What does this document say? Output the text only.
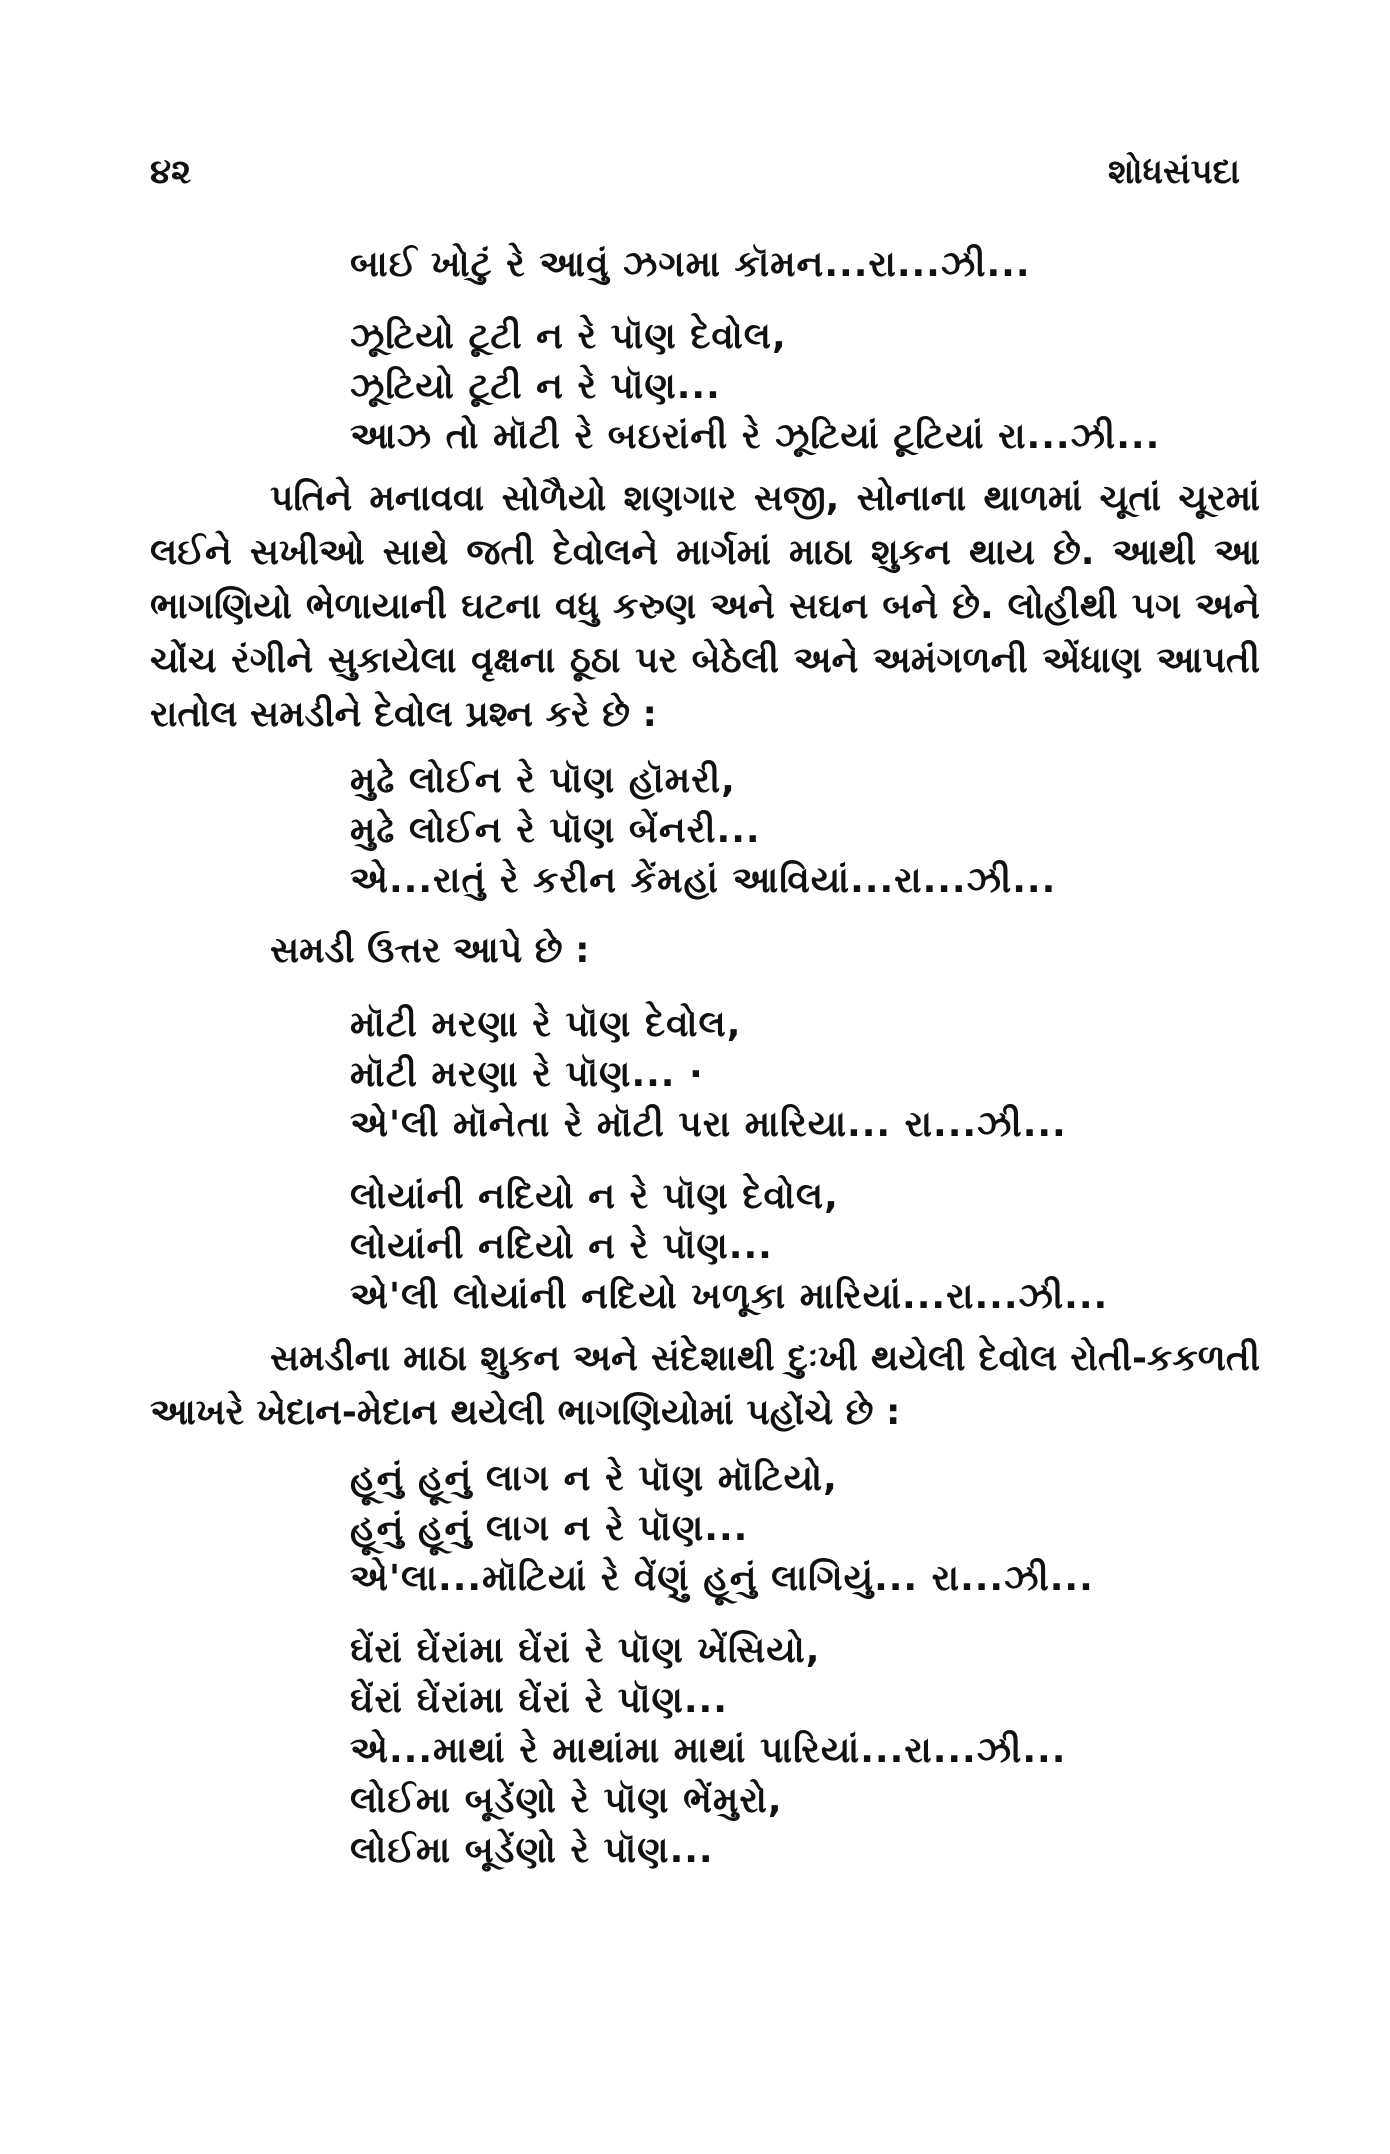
૪૨	શોધસંપદા
બાઈ ખોટું રે આવું ઝગમા કૉમન...રા...ઝી...
ઝૂટિયો ટૂટી ન રે પૉણ દેવોલ,
ઝૂટિયો ટૂટી ન રે પૉણ...
આઝ તો મૉટી રે બઇરાંની રે ઝૂટિયાં ટૂટિયાં રા...ઝી...

પતિને મનાવવા સોળૈયો શણગાર સજી, સોનાના થાળમાં ચૂતાં ચૂરમાં લઈને સખીઓ સાથે જતી દેવોલને માર્ગમાં માઠા શુકન થાય છે. આથી આ ભાગણિયો ભેળાયાની ઘટના વધુ કરુણ અને સઘન બને છે. લોહીથી પગ અને ચોંચ રંગીને સુકાયેલા વૃક્ષના ઠૂઠા પર બેઠેલી અને અમંગળની એંધાણ આપતી રાતોલ સમડીને દેવોલ પ્રશ્ન કરે છે :

મુઢે લોઈન રે પૉણ હૉમરી,
મુઢે લોઈન રે પૉણ બેંનરી...
એ...રાતું રે કરીન કેંમહાં આવિયાં...રા...ઝી...
સમડી ઉત્તર આપે છે :
મૉટી મરણા રે પૉણ દેવોલ,
મૉટી મરણા રે પૉણ... ·
એ'લી મૉનેતા રે મૉટી પરા મારિયા... રા...ઝી...
લોયાંની નદિયો ન રે પૉણ દેવોલ,
લોયાંની નદિયો ન રે પૉણ...
એ'લી લોયાંની નદિયો ખળૂકા મારિયાં...રા...ઝી...

સમડીના માઠા શુકન અને સંદેશાથી દુઃખી થયેલી દેવોલ રોતી-કકળતી આખરે ખેદાન-મેદાન થયેલી ભાગણિયોમાં પહોંચે છે :

હૂનું હૂનું લાગ ન રે પૉણ મૉટિયો,
હૂનું હૂનું લાગ ન રે પૉણ...
એ'લા...મૉટિયાં રે વેંણું હૂનું લાગિયું... રા...ઝી...
ઘેંરાં ઘેંરાંમા ઘેંરાં રે પૉણ ખેંસિયો,
ઘેંરાં ઘેંરાંમા ઘેંરાં રે પૉણ...
એ...માથાં રે માથાંમા માથાં પારિયાં...રા...ઝી...
લોઈમા બૂડેંણો રે પૉણ ભેંમુરો,
લોઈમા બૂડેંણો રે પૉણ...
